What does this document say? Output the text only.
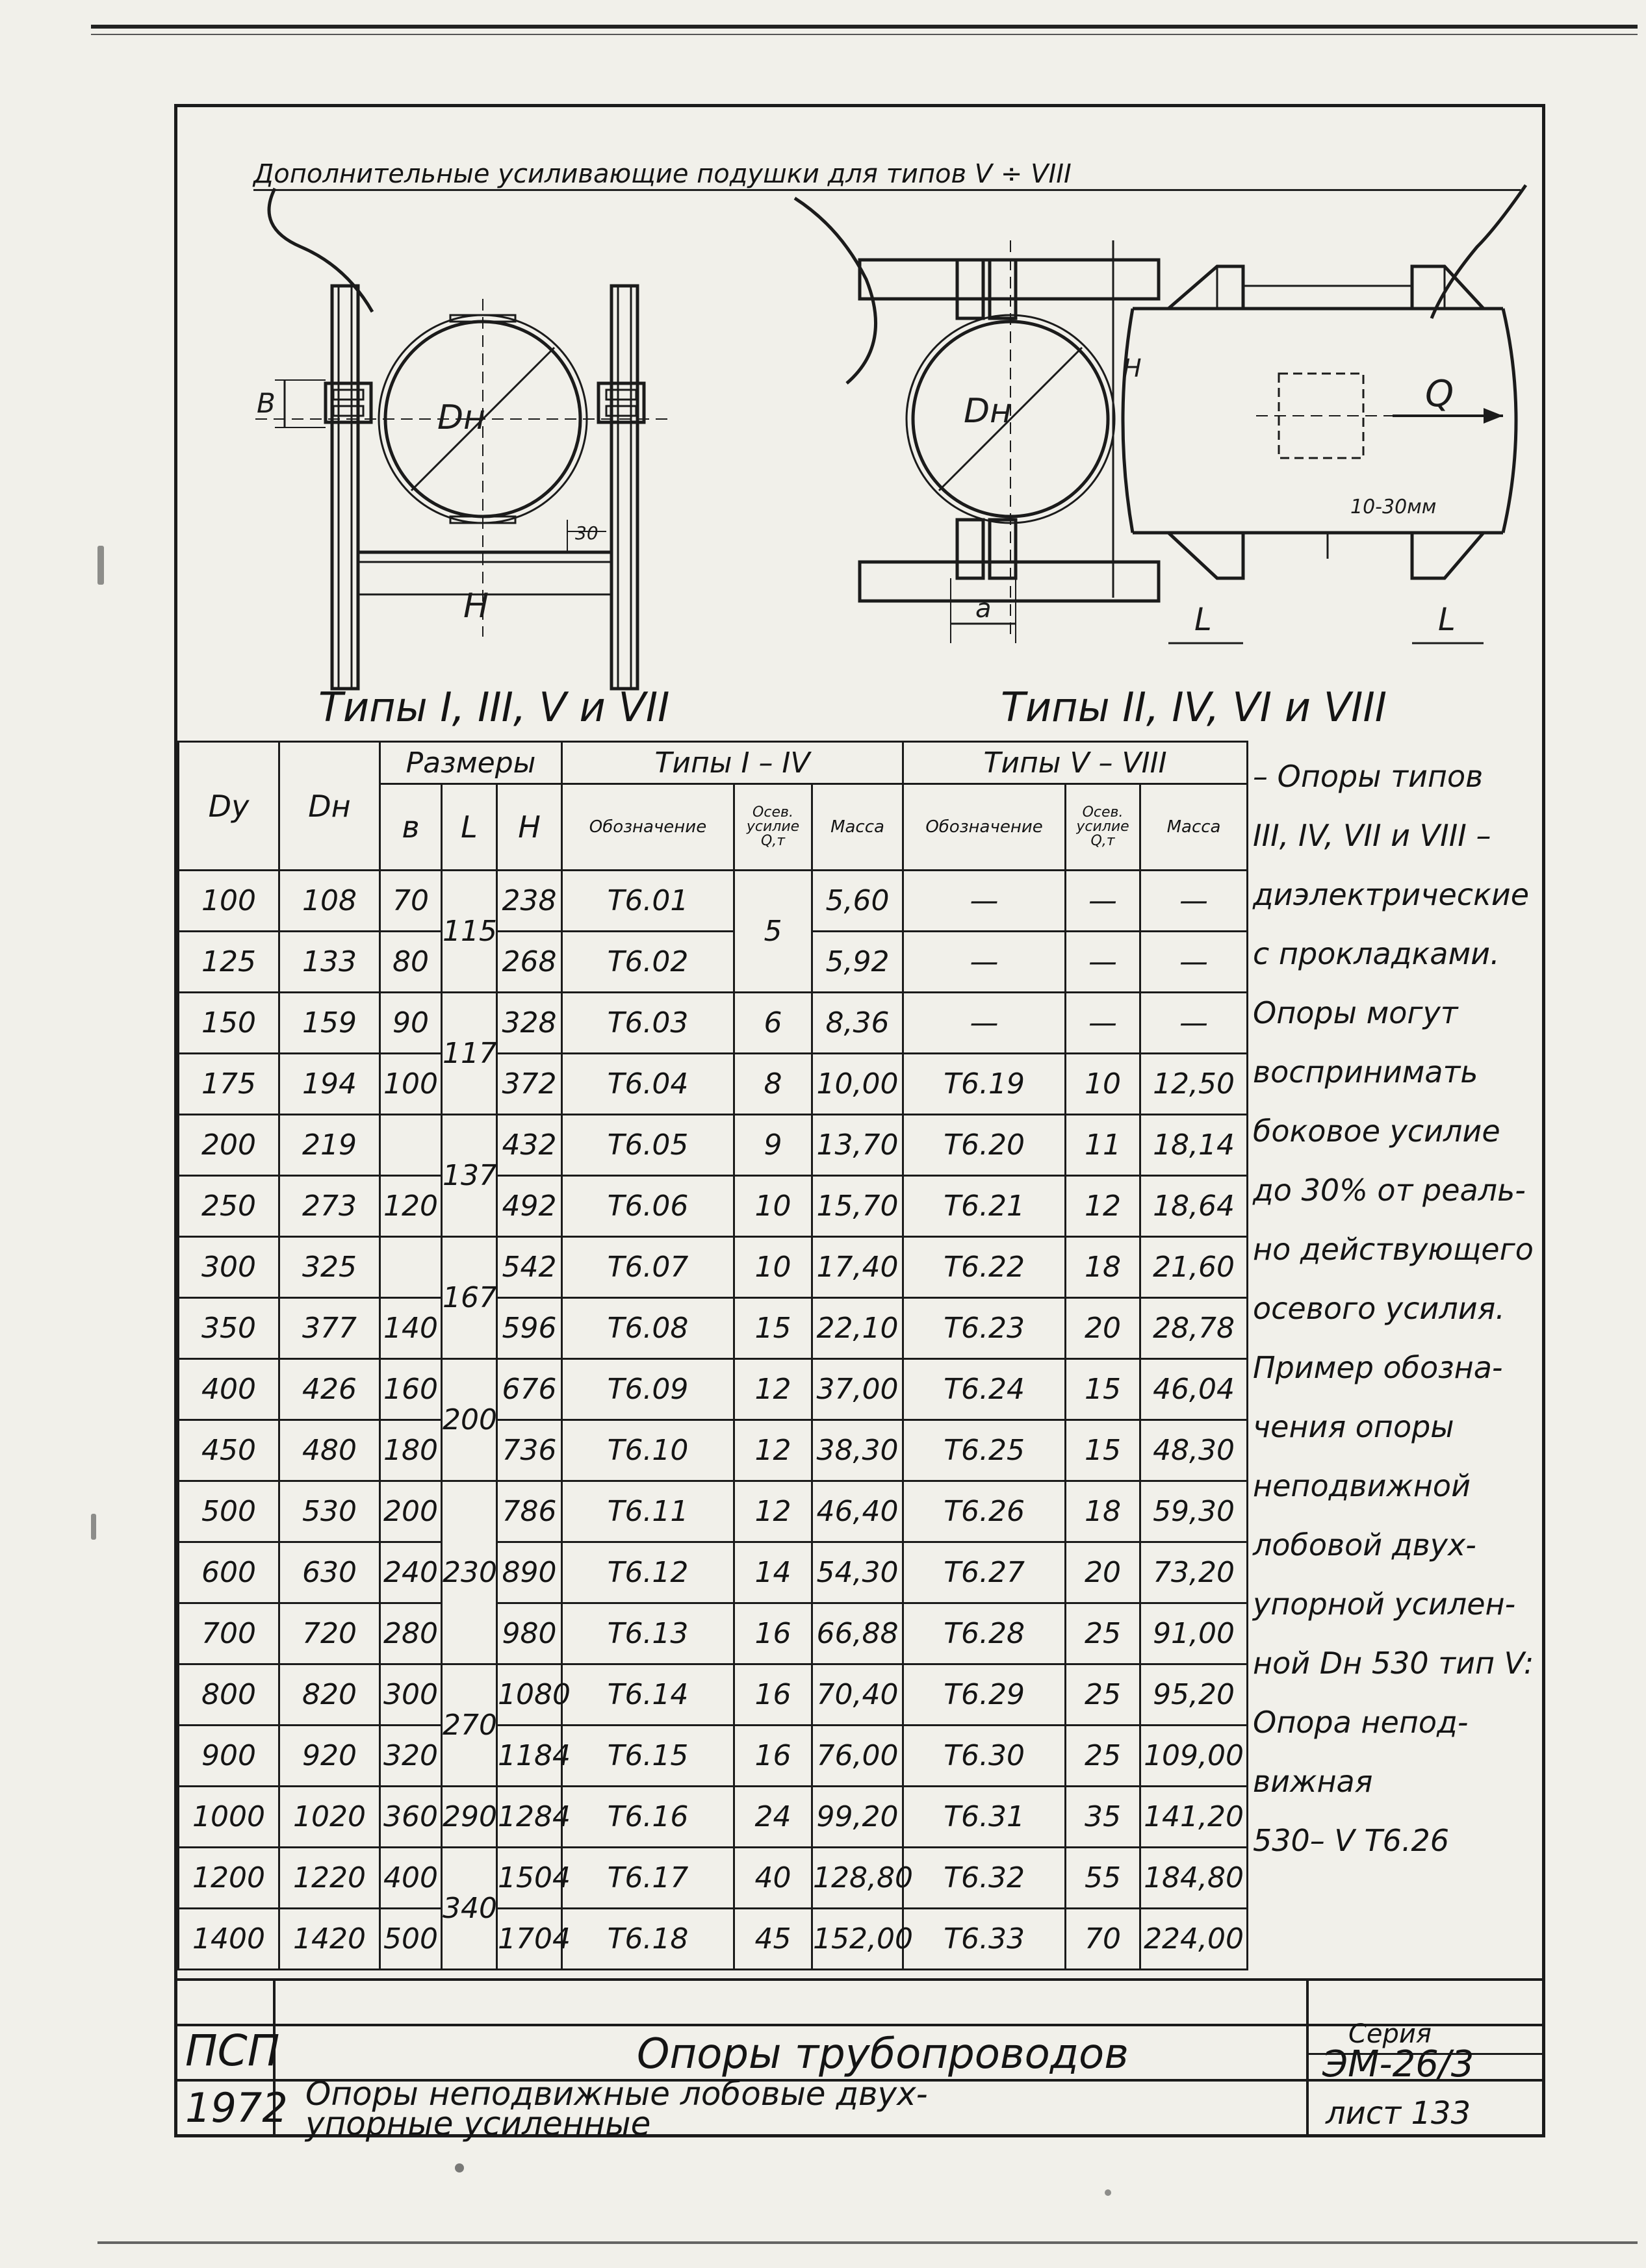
Дополнительные усиливающие подушки для типов V ÷ VIII
Dн
B
H
30
Dн
H
a
Q
10-30мм
L	L
Типы I, III, V и VII	Типы II, IV, VI и VIII
Dу	Dн	Размеры			Типы I – IV			Типы V – VIII		
		в	L	H	Обозначение	Осев. усилие Q,т	Масса	Обозначение	Осев. усилие Q,т	Масса
100	108	70	115	238	Т6.01	5	5,60	—	—	—
125	133	80		268	Т6.02		5,92	—	—	—
150	159	90	117	328	Т6.03	6	8,36	—	—	—
175	194	100		372	Т6.04	8	10,00	Т6.19	10	12,50
200	219		137	432	Т6.05	9	13,70	Т6.20	11	18,14
250	273	120		492	Т6.06	10	15,70	Т6.21	12	18,64
300	325		167	542	Т6.07	10	17,40	Т6.22	18	21,60
350	377	140		596	Т6.08	15	22,10	Т6.23	20	28,78
400	426	160	200	676	Т6.09	12	37,00	Т6.24	15	46,04
450	480	180		736	Т6.10	12	38,30	Т6.25	15	48,30
500	530	200	230	786	Т6.11	12	46,40	Т6.26	18	59,30
600	630	240		890	Т6.12	14	54,30	Т6.27	20	73,20
700	720	280		980	Т6.13	16	66,88	Т6.28	25	91,00
800	820	300	270	1080	Т6.14	16	70,40	Т6.29	25	95,20
900	920	320		1184	Т6.15	16	76,00	Т6.30	25	109,00
1000	1020	360	290	1284	Т6.16	24	99,20	Т6.31	35	141,20
1200	1220	400	340	1504	Т6.17	40	128,80	Т6.32	55	184,80
1400	1420	500		1704	Т6.18	45	152,00	Т6.33	70	224,00
– Опоры типов
III, IV, VII и VIII –
диэлектрические
с прокладками.
Опоры могут
воспринимать
боковое усилие
до 30% от реаль-
но действующего
осевого усилия.
Пример обозна-
чения опоры
неподвижной
лобовой двух-
упорной усилен-
ной Dн 530 тип V:
Опора непод-
вижная
530– V Т6.26
ПСП
1972
Опоры трубопроводов
Опоры неподвижные лобовые двух-
упорные усиленные
Серия
ЭМ-26/3
лист 133
